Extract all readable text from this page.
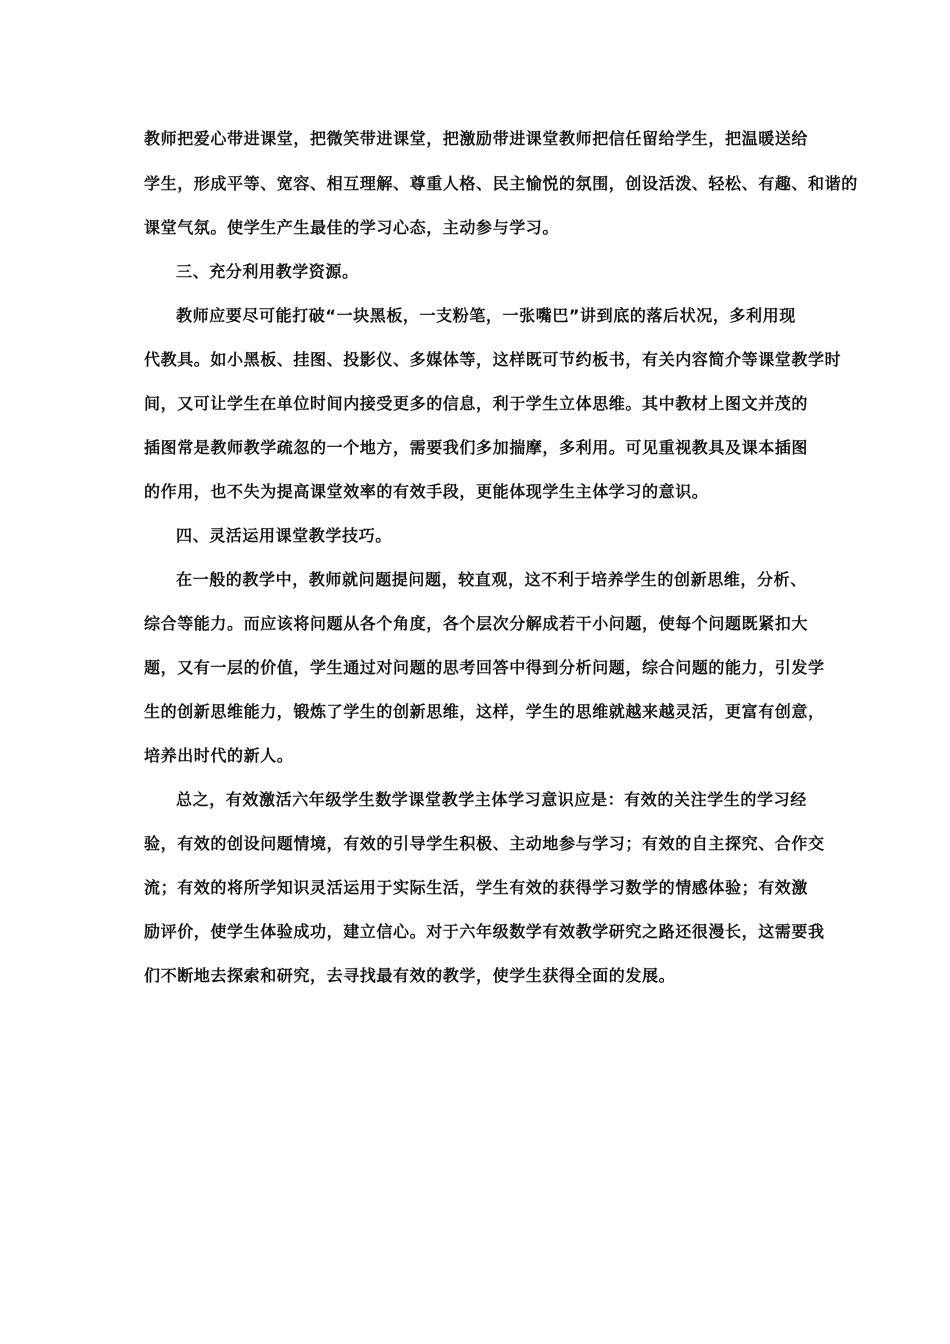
教师把爱心带进课堂，把微笑带进课堂，把激励带进课堂教师把信任留给学生，把温暖送给
学生，形成平等、宽容、相互理解、尊重人格、民主愉悦的氛围，创设活泼、轻松、有趣、和谐的
课堂气氛。使学生产生最佳的学习心态，主动参与学习。
三、充分利用教学资源。
教师应要尽可能打破“一块黑板，一支粉笔，一张嘴巴”讲到底的落后状况，多利用现
代教具。如小黑板、挂图、投影仪、多媒体等，这样既可节约板书，有关内容简介等课堂教学时
间，又可让学生在单位时间内接受更多的信息，利于学生立体思维。其中教材上图文并茂的
插图常是教师教学疏忽的一个地方，需要我们多加揣摩，多利用。可见重视教具及课本插图
的作用，也不失为提高课堂效率的有效手段，更能体现学生主体学习的意识。
四、灵活运用课堂教学技巧。
在一般的教学中，教师就问题提问题，较直观，这不利于培养学生的创新思维，分析、
综合等能力。而应该将问题从各个角度，各个层次分解成若干小问题，使每个问题既紧扣大
题，又有一层的价值，学生通过对问题的思考回答中得到分析问题，综合问题的能力，引发学
生的创新思维能力，锻炼了学生的创新思维，这样，学生的思维就越来越灵活，更富有创意，
培养出时代的新人。
总之，有效激活六年级学生数学课堂教学主体学习意识应是：有效的关注学生的学习经
验，有效的创设问题情境，有效的引导学生积极、主动地参与学习；有效的自主探究、合作交
流；有效的将所学知识灵活运用于实际生活，学生有效的获得学习数学的情感体验；有效激
励评价，使学生体验成功，建立信心。对于六年级数学有效教学研究之路还很漫长，这需要我
们不断地去探索和研究，去寻找最有效的教学，使学生获得全面的发展。
